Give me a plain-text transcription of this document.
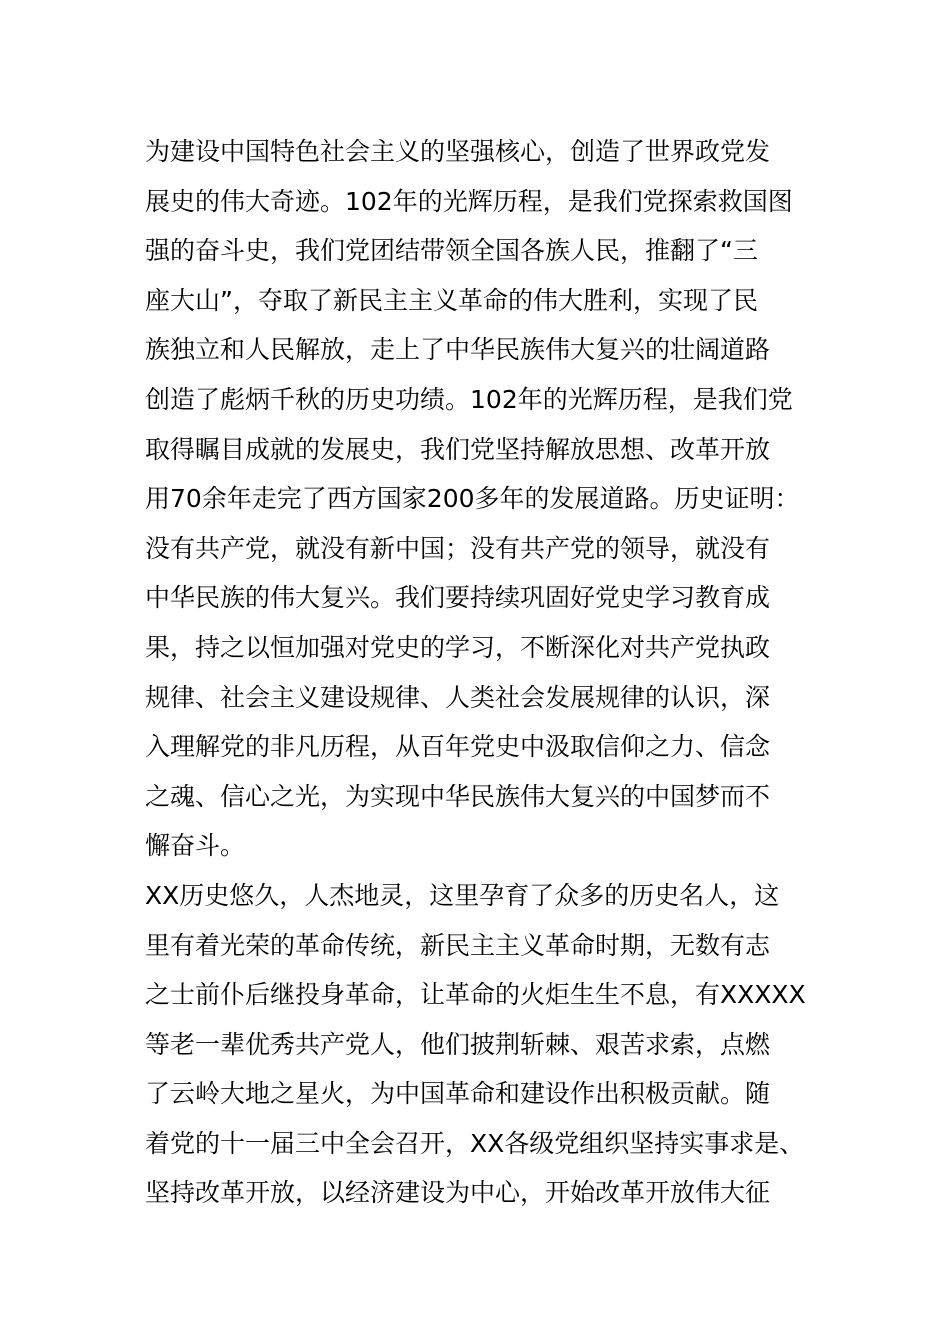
为建设中国特色社会主义的坚强核心，创造了世界政党发
展史的伟大奇迹。102年的光辉历程，是我们党探索救国图
强的奋斗史，我们党团结带领全国各族人民，推翻了“三
座大山”，夺取了新民主主义革命的伟大胜利，实现了民
族独立和人民解放，走上了中华民族伟大复兴的壮阔道路
创造了彪炳千秋的历史功绩。102年的光辉历程，是我们党
取得瞩目成就的发展史，我们党坚持解放思想、改革开放
用70余年走完了西方国家200多年的发展道路。历史证明：
没有共产党，就没有新中国；没有共产党的领导，就没有
中华民族的伟大复兴。我们要持续巩固好党史学习教育成
果，持之以恒加强对党史的学习，不断深化对共产党执政
规律、社会主义建设规律、人类社会发展规律的认识，深
入理解党的非凡历程，从百年党史中汲取信仰之力、信念
之魂、信心之光，为实现中华民族伟大复兴的中国梦而不
懈奋斗。
XX历史悠久，人杰地灵，这里孕育了众多的历史名人，这
里有着光荣的革命传统，新民主主义革命时期，无数有志
之士前仆后继投身革命，让革命的火炬生生不息，有XXXXX
等老一辈优秀共产党人，他们披荆斩棘、艰苦求索，点燃
了云岭大地之星火，为中国革命和建设作出积极贡献。随
着党的十一届三中全会召开，XX各级党组织坚持实事求是、
坚持改革开放，以经济建设为中心，开始改革开放伟大征
